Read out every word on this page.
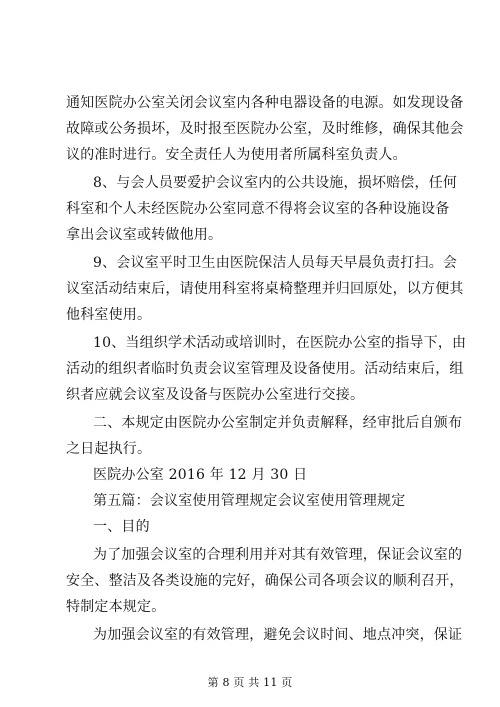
通知医院办公室关闭会议室内各种电器设备的电源。如发现设备
故障或公务损坏，及时报至医院办公室，及时维修，确保其他会
议的准时进行。安全责任人为使用者所属科室负责人。
8、与会人员要爱护会议室内的公共设施，损坏赔偿，任何
科室和个人未经医院办公室同意不得将会议室的各种设施设备
拿出会议室或转做他用。
9、会议室平时卫生由医院保洁人员每天早晨负责打扫。会
议室活动结束后，请使用科室将桌椅整理并归回原处，以方便其
他科室使用。
10、当组织学术活动或培训时，在医院办公室的指导下，由
活动的组织者临时负责会议室管理及设备使用。活动结束后，组
织者应就会议室及设备与医院办公室进行交接。
二、本规定由医院办公室制定并负责解释，经审批后自颁布
之日起执行。
医院办公室 2016 年 12 月 30 日
第五篇：会议室使用管理规定会议室使用管理规定
一、目的
为了加强会议室的合理利用并对其有效管理，保证会议室的
安全、整洁及各类设施的完好，确保公司各项会议的顺利召开，
特制定本规定。
为加强会议室的有效管理，避免会议时间、地点冲突，保证
第 8 页 共 11 页
